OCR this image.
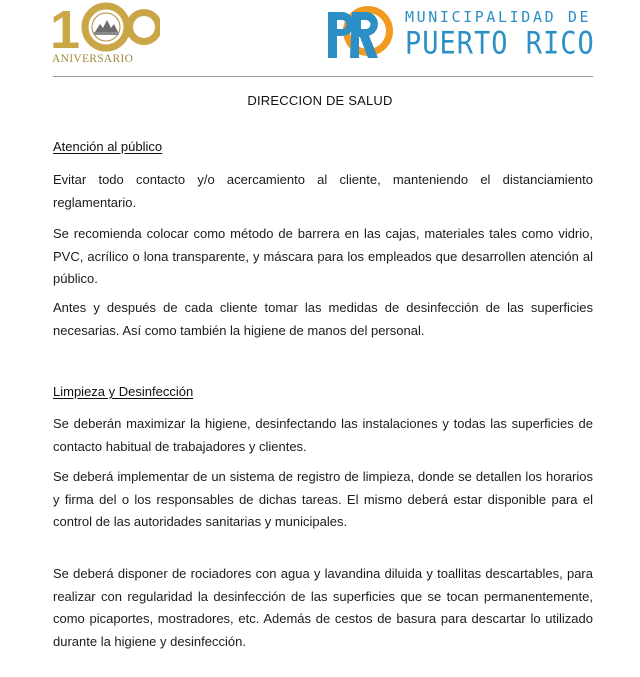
1
ANIVERSARIO
MUNICIPALIDAD DE
PUERTO RICO
DIRECCION DE SALUD
Atención al público

Evitar todo contacto y/o acercamiento al cliente, manteniendo el distanciamiento reglamentario.

Se recomienda colocar como método de barrera en las cajas, materiales tales como vidrio, PVC, acrílico o lona transparente, y máscara para los empleados que desarrollen atención al público.

Antes y después de cada cliente tomar las medidas de desinfección de las superficies necesarias. Así como también la higiene de manos del personal.

Limpieza y Desinfección

Se deberán maximizar la higiene, desinfectando las instalaciones y todas las superficies de contacto habitual de trabajadores y clientes.

Se deberá implementar de un sistema de registro de limpieza, donde se detallen los horarios y firma del o los responsables de dichas tareas. El mismo deberá estar disponible para el control de las autoridades sanitarias y municipales.

Se deberá disponer de rociadores con agua y lavandina diluida y toallitas descartables, para realizar con regularidad la desinfección de las superficies que se tocan permanentemente, como picaportes, mostradores, etc. Además de cestos de basura para descartar lo utilizado durante la higiene y desinfección.
